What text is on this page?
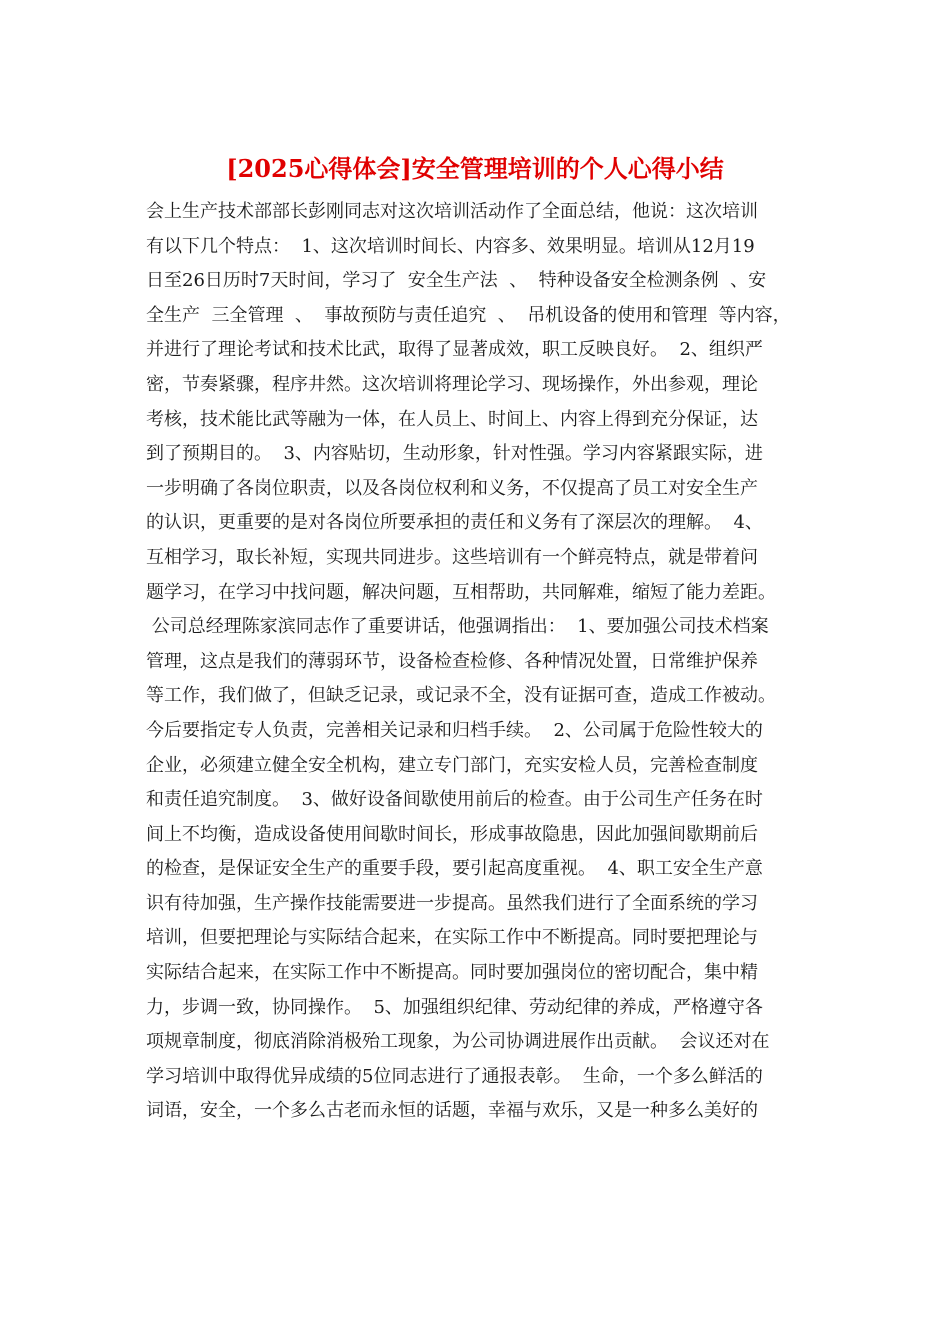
[2025心得体会]安全管理培训的个人心得小结
会上生产技术部部长彭刚同志对这次培训活动作了全面总结，他说：这次培训
有以下几个特点：  1、这次培训时间长、内容多、效果明显。培训从12月19
日至26日历时7天时间，学习了  安全生产法  、  特种设备安全检测条例  、安
全生产  三全管理  、  事故预防与责任追究  、  吊机设备的使用和管理  等内容，
并进行了理论考试和技术比武，取得了显著成效，职工反映良好。  2、组织严
密，节奏紧骤，程序井然。这次培训将理论学习、现场操作，外出参观，理论
考核，技术能比武等融为一体，在人员上、时间上、内容上得到充分保证，达
到了预期目的。  3、内容贴切，生动形象，针对性强。学习内容紧跟实际，进
一步明确了各岗位职责，以及各岗位权利和义务，不仅提高了员工对安全生产
的认识，更重要的是对各岗位所要承担的责任和义务有了深层次的理解。  4、
互相学习，取长补短，实现共同进步。这些培训有一个鲜亮特点，就是带着问
题学习，在学习中找问题，解决问题，互相帮助，共同解难，缩短了能力差距。
公司总经理陈家滨同志作了重要讲话，他强调指出：  1、要加强公司技术档案
管理，这点是我们的薄弱环节，设备检查检修、各种情况处置，日常维护保养
等工作，我们做了，但缺乏记录，或记录不全，没有证据可查，造成工作被动。
今后要指定专人负责，完善相关记录和归档手续。  2、公司属于危险性较大的
企业，必须建立健全安全机构，建立专门部门，充实安检人员，完善检查制度
和责任追究制度。  3、做好设备间歇使用前后的检查。由于公司生产任务在时
间上不均衡，造成设备使用间歇时间长，形成事故隐患，因此加强间歇期前后
的检查，是保证安全生产的重要手段，要引起高度重视。  4、职工安全生产意
识有待加强，生产操作技能需要进一步提高。虽然我们进行了全面系统的学习
培训，但要把理论与实际结合起来，在实际工作中不断提高。同时要把理论与
实际结合起来，在实际工作中不断提高。同时要加强岗位的密切配合，集中精
力，步调一致，协同操作。  5、加强组织纪律、劳动纪律的养成，严格遵守各
项规章制度，彻底消除消极殆工现象，为公司协调进展作出贡献。  会议还对在
学习培训中取得优异成绩的5位同志进行了通报表彰。  生命，一个多么鲜活的
词语，安全，一个多么古老而永恒的话题，幸福与欢乐，又是一种多么美好的
